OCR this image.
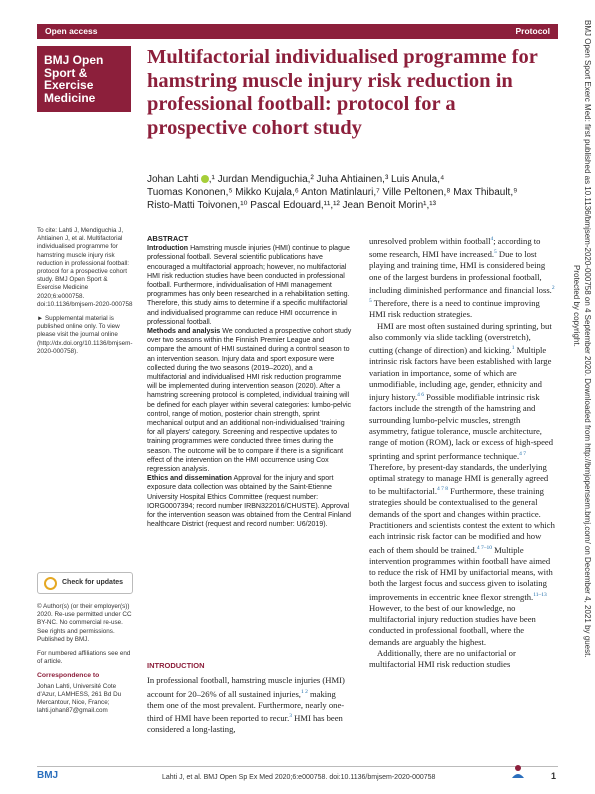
Open access	Protocol
BMJ Open
Sport &
Exercise
Medicine	BMJ Open Sport Exerc Med: first published as 10.1136/bmjsem-2020-000758 on 4 September 2020. Downloaded from http://bmjopensem.bmj.com/ on December 4, 2021 by guest.
Protected by copyright.
Multifactorial individualised programme for hamstring muscle injury risk reduction in professional football: protocol for a prospective cohort study
Johan Lahti ,¹ Jurdan Mendiguchia,² Juha Ahtiainen,³ Luis Anula,⁴
Tuomas Kononen,⁵ Mikko Kujala,⁶ Anton Matinlauri,⁷ Ville Peltonen,⁸ Max Thibault,⁹
Risto-Matti Toivonen,¹⁰ Pascal Edouard,¹¹,¹² Jean Benoit Morin¹,¹³

To cite: Lahti J, Mendiguchia J, Ahtiainen J, et al. Multifactorial individualised programme for hamstring muscle injury risk reduction in professional football: protocol for a prospective cohort study. BMJ Open Sport & Exercise Medicine 2020;6:e000758. doi:10.1136/bmjsem-2020-000758

► Supplemental material is published online only. To view please visit the journal online (http://dx.doi.org/10.1136/bmjsem-2020-000758).

Check for updates

© Author(s) (or their employer(s)) 2020. Re-use permitted under CC BY-NC. No commercial re-use. See rights and permissions. Published by BMJ.

For numbered affiliations see end of article.

Correspondence to

Johan Lahti, Université Cote d'Azur, LAMHESS, 261 Bd Du Mercantour, Nice, France; lahti.johan87@gmail.com

ABSTRACT

Introduction Hamstring muscle injuries (HMI) continue to plague professional football. Several scientific publications have encouraged a multifactorial approach; however, no multifactorial HMI risk reduction studies have been conducted in professional football. Furthermore, individualisation of HMI management programmes has only been researched in a rehabilitation setting. Therefore, this study aims to determine if a specific multifactorial and individualised programme can reduce HMI occurrence in professional football.

Methods and analysis We conducted a prospective cohort study over two seasons within the Finnish Premier League and compare the amount of HMI sustained during a control season to an intervention season. Injury data and sport exposure were collected during the two seasons (2019–2020), and a multifactorial and individualised HMI risk reduction programme will be implemented during intervention season (2020). After a hamstring screening protocol is completed, individual training will be defined for each player within several categories: lumbo-pelvic control, range of motion, posterior chain strength, sprint mechanical output and an additional non-individualised 'training for all players' category. Screening and respective updates to training programmes were conducted three times during the season. The outcome will be to compare if there is a significant effect of the intervention on the HMI occurrence using Cox regression analysis.

Ethics and dissemination Approval for the injury and sport exposure data collection was obtained by the Saint-Etienne University Hospital Ethics Committee (request number: IORG0007394; record number IRBN322016/CHUSTE). Approval for the intervention season was obtained from the Central Finland healthcare District (request and record number: U6/2019).

INTRODUCTION

In professional football, hamstring muscle injuries (HMI) account for 20–26% of all sustained injuries,$^{1 2}$ making them one of the most prevalent. Furthermore, nearly one-third of HMI have been reported to recur.$^3$ HMI has been considered a long-lasting,

unresolved problem within football$^4$; according to some research, HMI have increased.$^5$ Due to lost playing and training time, HMI is considered being one of the largest burdens in professional football, including diminished performance and financial loss.$^{2 5}$ Therefore, there is a need to continue improving HMI risk reduction strategies.

HMI are most often sustained during sprinting, but also commonly via slide tackling (overstretch), cutting (change of direction) and kicking.$^1$ Multiple intrinsic risk factors have been established with large variation in importance, some of which are unmodifiable, including age, gender, ethnicity and injury history.$^{4 6}$ Possible modifiable intrinsic risk factors include the strength of the hamstring and surrounding lumbo-pelvic muscles, strength asymmetry, fatigue tolerance, muscle architecture, range of motion (ROM), lack or excess of high-speed sprinting and sprint performance technique.$^{4 7}$ Therefore, by present-day standards, the underlying optimal strategy to manage HMI is generally agreed to be multifactorial.$^{4 7 8}$ Furthermore, these training strategies should be contextualised to the general demands of the sport and changes within practice. Practitioners and scientists contest the extent to which each intrinsic risk factor can be modified and how each of them should be trained.$^{4 7-10}$ Multiple intervention programmes within football have aimed to reduce the risk of HMI by unifactorial means, with both the largest focus and success given to isolating improvements in eccentric knee flexor strength.$^{11-13}$ However, to the best of our knowledge, no multifactorial injury reduction studies have been conducted in professional football, where the demands are arguably the highest.

Additionally, there are no unifactorial or multifactorial HMI risk reduction studies

BMJ	Lahti J, et al. BMJ Open Sp Ex Med 2020;6:e000758. doi:10.1136/bmjsem-2020-000758	1
